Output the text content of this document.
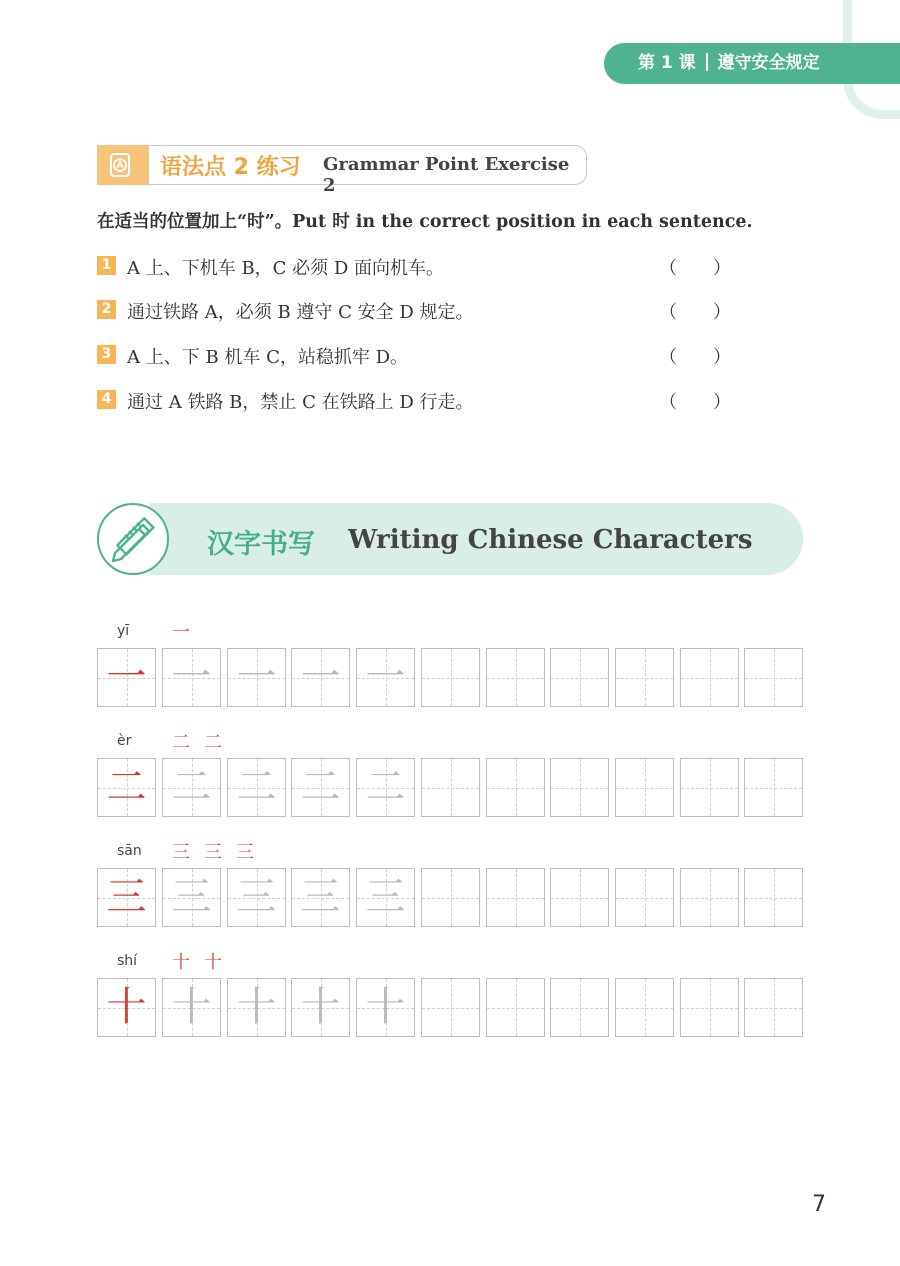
第 1 课 遵守安全规定
语法点 2 练习 Grammar Point Exercise 2
在适当的位置加上“时”。Put 时 in the correct position in each sentence.
1 A 上、下机车 B，C 必须 D 面向机车。	（　　）
2 通过铁路 A，必须 B 遵守 C 安全 D 规定。	（　　）
3 A 上、下 B 机车 C，站稳抓牢 D。	（　　）
4 通过 A 铁路 B，禁止 C 在铁路上 D 行走。	（　　）
汉字书写 Writing Chinese Characters
yī 一
一 一 一 一 一
èr 二二
二 二 二 二 二
sān 三三三
三 三 三 三 三
shí 十十
十 十 十 十 十
7
